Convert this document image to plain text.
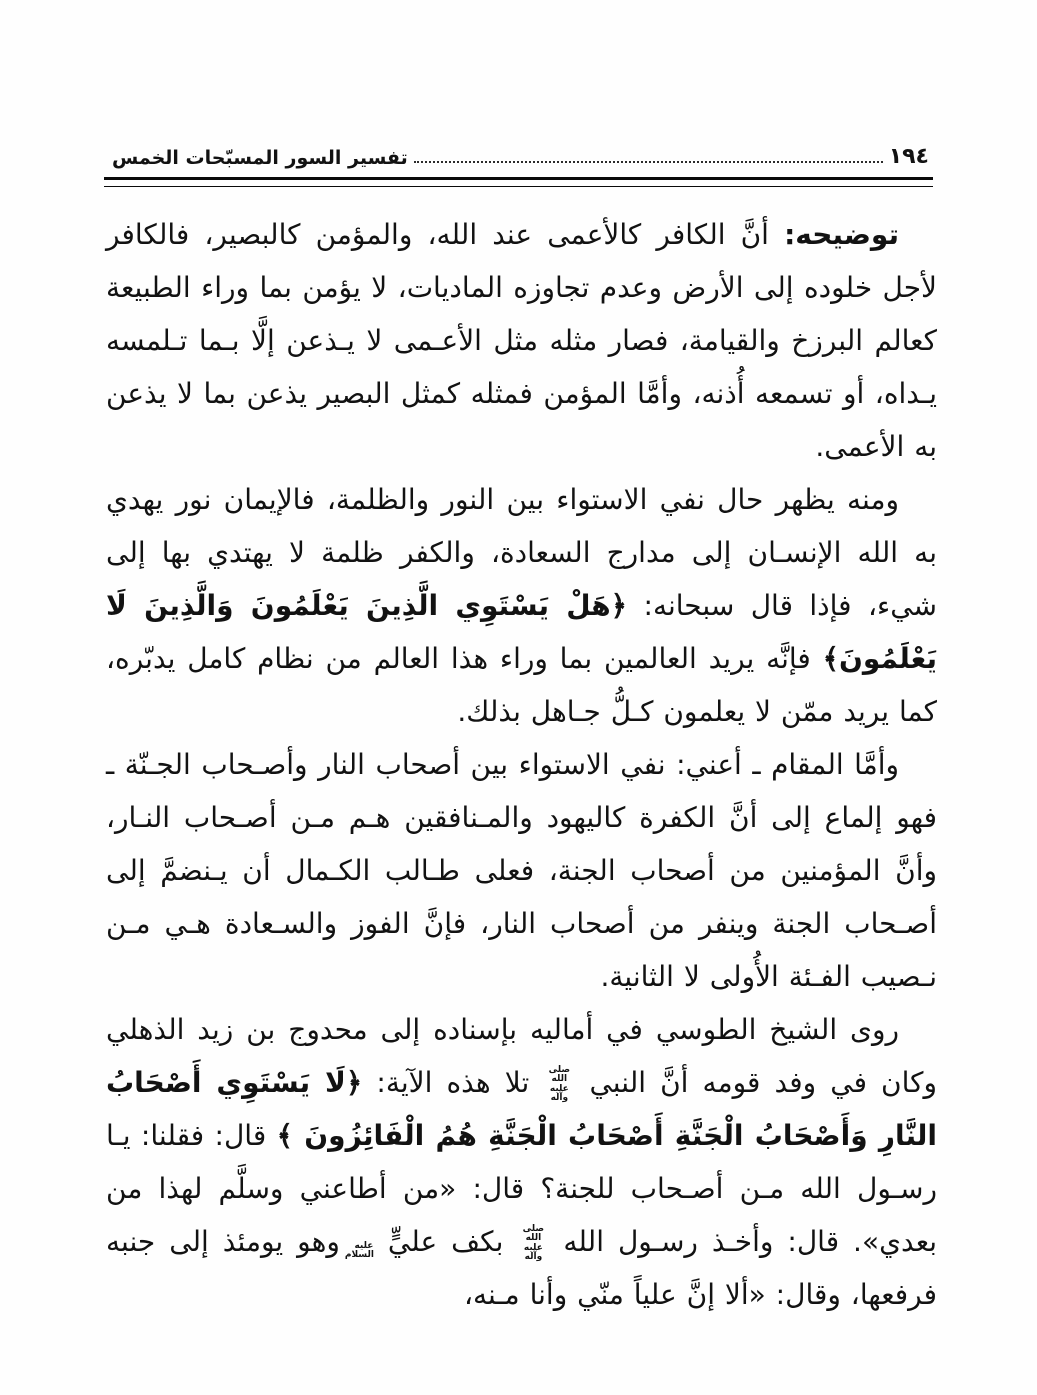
١٩٤
تفسير السور المسبّحات الخمس

توضيحه: أنَّ الكافر كالأعمى عند الله، والمؤمن كالبصير، فالكافر لأجل خلوده إلى الأرض وعدم تجاوزه الماديات، لا يؤمن بما وراء الطبيعة كعالم البرزخ والقيامة، فصار مثله مثل الأعـمى لا يـذعن إلَّا بـما تـلمسه يـداه، أو تسمعه أُذنه، وأمَّا المؤمن فمثله كمثل البصير يذعن بما لا يذعن به الأعمى.

ومنه يظهر حال نفي الاستواء بين النور والظلمة، فالإيمان نور يهدي به الله الإنسـان إلى مدارج السعادة، والكفر ظلمة لا يهتدي بها إلى شيء، فإذا قال سبحانه: ﴿هَلْ يَسْتَوِي الَّذِينَ يَعْلَمُونَ وَالَّذِينَ لَا يَعْلَمُونَ﴾ فإنَّه يريد العالمين بما وراء هذا العالم من نظام كامل يدبّره، كما يريد ممّن لا يعلمون كـلُّ جـاهل بذلك.

وأمَّا المقام ـ أعني: نفي الاستواء بين أصحاب النار وأصـحاب الجـنّة ـ فهو إلماع إلى أنَّ الكفرة كاليهود والمـنافقين هـم مـن أصـحاب النـار، وأنَّ المؤمنين من أصحاب الجنة، فعلى طـالب الكـمال أن يـنضمَّ إلى أصـحاب الجنة وينفر من أصحاب النار، فإنَّ الفوز والسـعادة هـي مـن نـصيب الفـئة الأُولى لا الثانية.

روى الشيخ الطوسي في أماليه بإسناده إلى محدوج بن زيد الذهلي وكان في وفد قومه أنَّ النبي صلى الله عليه وآله تلا هذه الآية: ﴿لَا يَسْتَوِي أَصْحَابُ النَّارِ وَأَصْحَابُ الْجَنَّةِ أَصْحَابُ الْجَنَّةِ هُمُ الْفَائِزُونَ ﴾ قال: فقلنا: يـا رسـول الله مـن أصـحاب للجنة؟ قال: «من أطاعني وسلَّم لهذا من بعدي». قال: وأخـذ رسـول الله صلى الله عليه وآله بكف عليٍّ عليه السلام وهو يومئذ إلى جنبه فرفعها، وقال: «ألا إنَّ علياً منّي وأنا مـنه،
